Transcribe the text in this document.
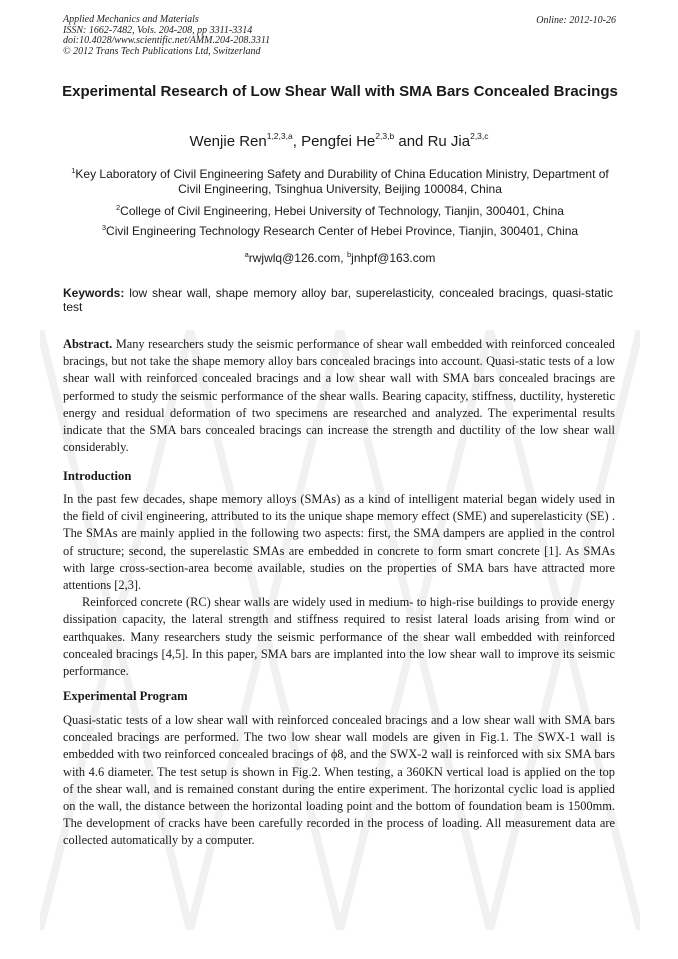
Applied Mechanics and Materials
ISSN: 1662-7482, Vols. 204-208, pp 3311-3314
doi:10.4028/www.scientific.net/AMM.204-208.3311
© 2012 Trans Tech Publications Ltd, Switzerland
Online: 2012-10-26
Experimental Research of Low Shear Wall with SMA Bars Concealed Bracings
Wenjie Ren$^{1,2,3,a}$, Pengfei He$^{2,3,b}$ and Ru Jia$^{2,3,c}$
$^1$Key Laboratory of Civil Engineering Safety and Durability of China Education Ministry, Department of Civil Engineering, Tsinghua University, Beijing 100084, China
$^2$College of Civil Engineering, Hebei University of Technology, Tianjin, 300401, China
$^3$Civil Engineering Technology Research Center of Hebei Province, Tianjin, 300401, China
$^a$rwjwlq@126.com, $^b$jnhpf@163.com
Keywords: low shear wall, shape memory alloy bar, superelasticity, concealed bracings, quasi-static test

Abstract. Many researchers study the seismic performance of shear wall embedded with reinforced concealed bracings, but not take the shape memory alloy bars concealed bracings into account. Quasi-static tests of a low shear wall with reinforced concealed bracings and a low shear wall with SMA bars concealed bracings are performed to study the seismic performance of the shear walls. Bearing capacity, stiffness, ductility, hysteretic energy and residual deformation of two specimens are researched and analyzed. The experimental results indicate that the SMA bars concealed bracings can increase the strength and ductility of the low shear wall considerably.

Introduction

In the past few decades, shape memory alloys (SMAs) as a kind of intelligent material began widely used in the field of civil engineering, attributed to its the unique shape memory effect (SME) and superelasticity (SE) . The SMAs are mainly applied in the following two aspects: first, the SMA dampers are applied in the control of structure; second, the superelastic SMAs are embedded in concrete to form smart concrete [1]. As SMAs with large cross-section-area become available, studies on the properties of SMA bars have attracted more attentions [2,3].

Reinforced concrete (RC) shear walls are widely used in medium- to high-rise buildings to provide energy dissipation capacity, the lateral strength and stiffness required to resist lateral loads arising from wind or earthquakes. Many researchers study the seismic performance of the shear wall embedded with reinforced concealed bracings [4,5]. In this paper, SMA bars are implanted into the low shear wall to improve its seismic performance.

Experimental Program

Quasi-static tests of a low shear wall with reinforced concealed bracings and a low shear wall with SMA bars concealed bracings are performed. The two low shear wall models are given in Fig.1. The SWX-1 wall is embedded with two reinforced concealed bracings of ϕ8, and the SWX-2 wall is reinforced with six SMA bars with 4.6 diameter. The test setup is shown in Fig.2. When testing, a 360KN vertical load is applied on the top of the shear wall, and is remained constant during the entire experiment. The horizontal cyclic load is applied on the wall, the distance between the horizontal loading point and the bottom of foundation beam is 1500mm. The development of cracks have been carefully recorded in the process of loading. All measurement data are collected automatically by a computer.
